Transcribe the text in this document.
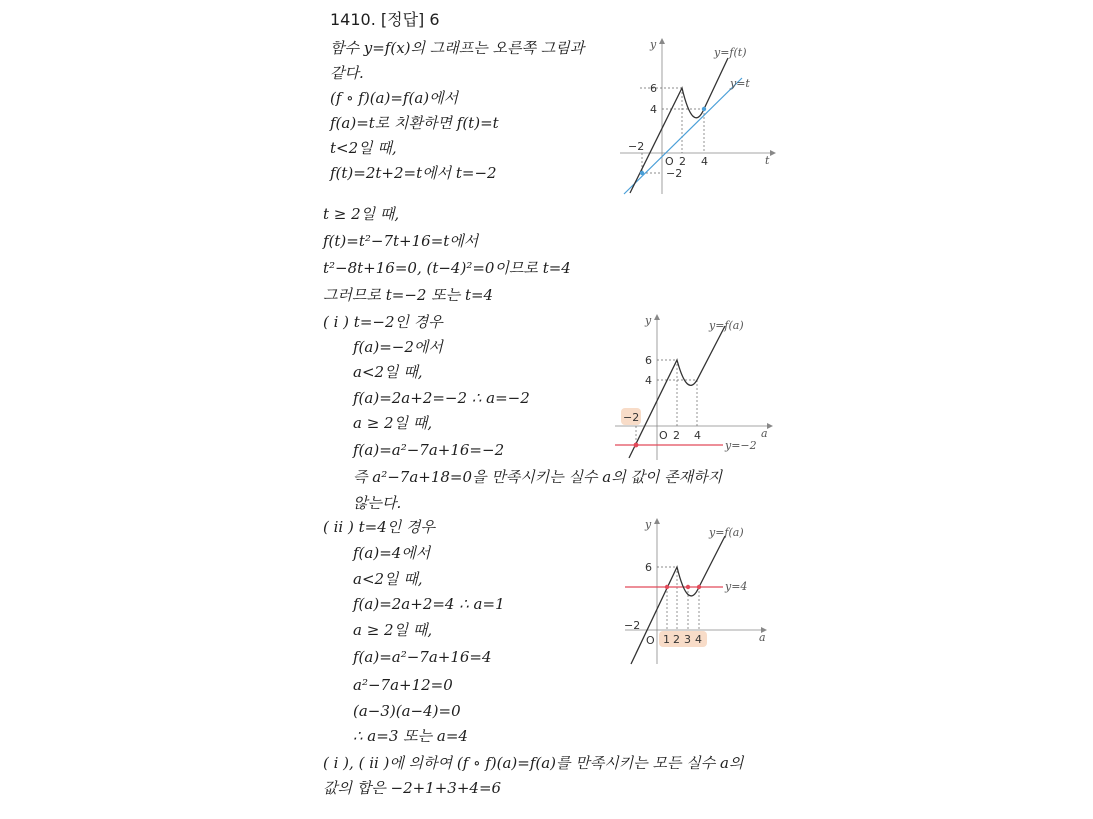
1410. [정답] 6
함수 y=f(x)의 그래프는 오른쪽 그림과
같다.
(f ∘ f)(a)=f(a)에서
f(a)=t로 치환하면 f(t)=t
t<2일 때,
f(t)=2t+2=t에서 t=−2
t ≥ 2일 때,
f(t)=t²−7t+16=t에서
t²−8t+16=0, (t−4)²=0이므로 t=4
그러므로 t=−2 또는 t=4
( i ) t=−2인 경우
f(a)=−2에서
a<2일 때,
f(a)=2a+2=−2 ∴ a=−2
a ≥ 2일 때,
f(a)=a²−7a+16=−2
즉 a²−7a+18=0을 만족시키는 실수 a의 값이 존재하지
않는다.
( ii ) t=4인 경우
f(a)=4에서
a<2일 때,
f(a)=2a+2=4 ∴ a=1
a ≥ 2일 때,
f(a)=a²−7a+16=4
a²−7a+12=0
(a−3)(a−4)=0
∴ a=3 또는 a=4
( i ), ( ii )에 의하여 (f ∘ f)(a)=f(a)를 만족시키는 모든 실수 a의
값의 합은 −2+1+3+4=6
t
y
O
6
4
2 4
−2
−2
y=f(t)
y=t
a
y
O
6
4
2 4
−2
y=f(a)
y=−2
a
y
O
6
−2
1 2 3 4
y=f(a)
y=4
